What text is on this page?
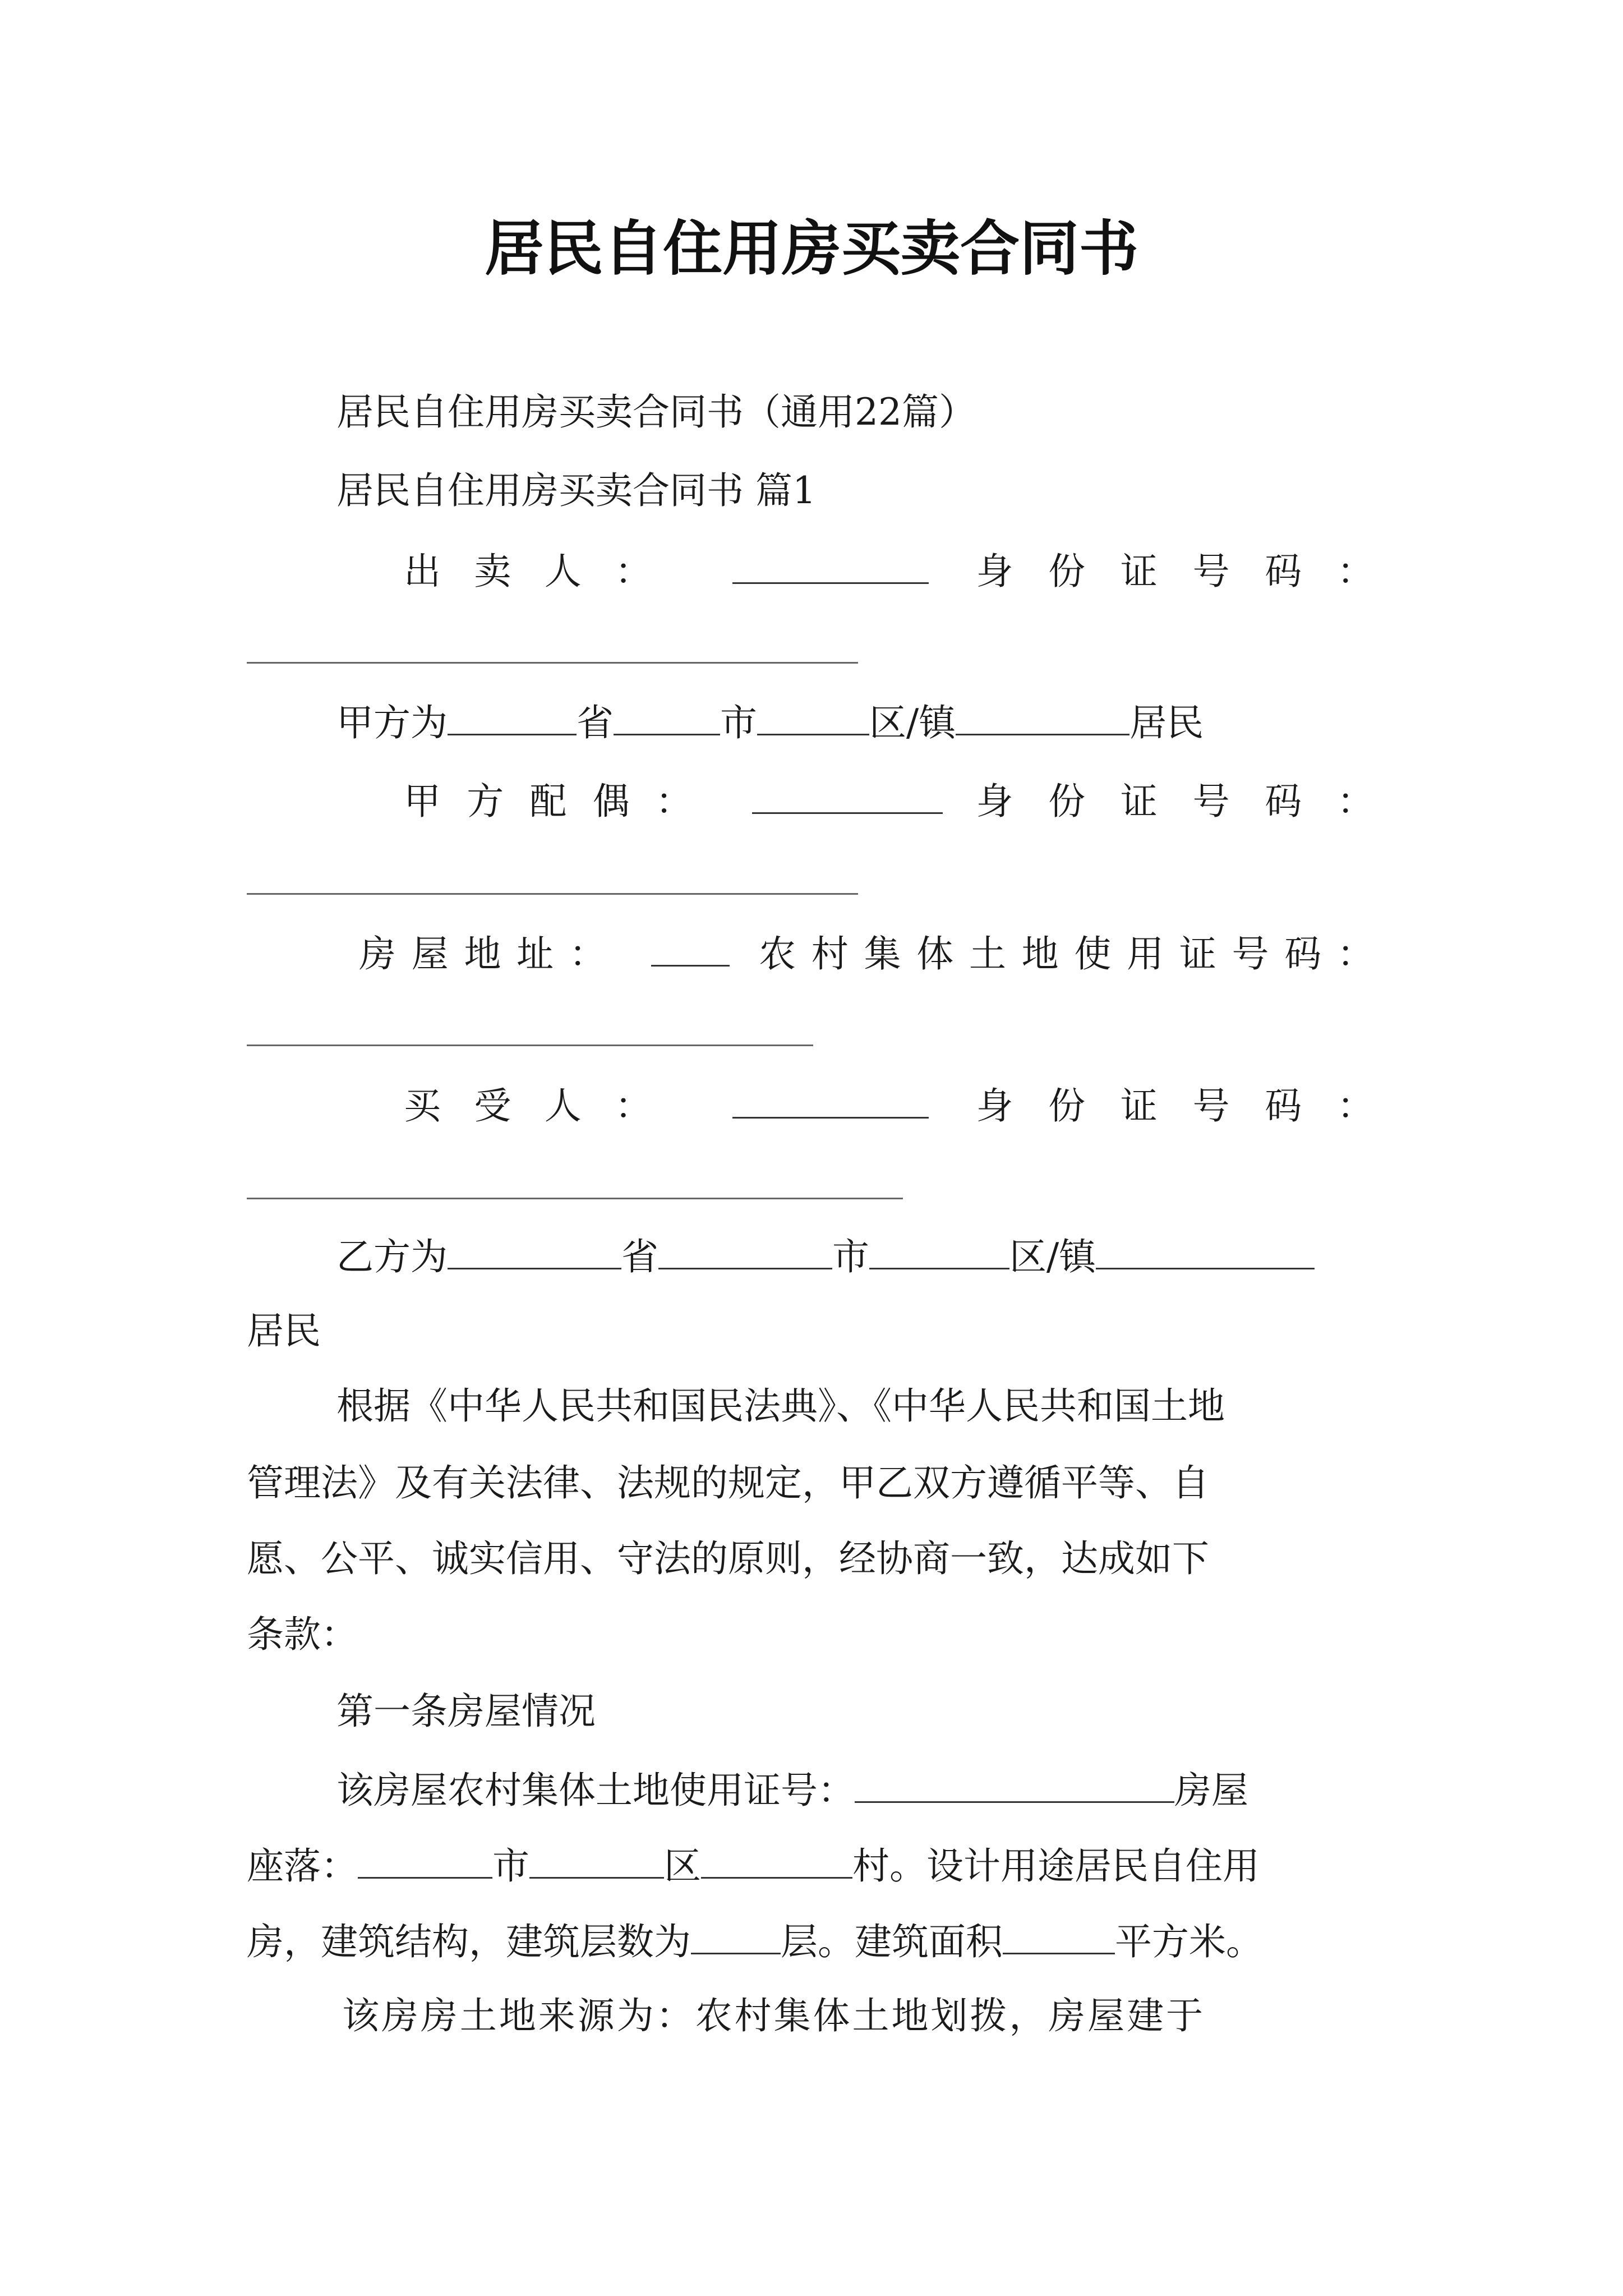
居民自住用房买卖合同书
居民自住用房买卖合同书（通用22篇）
居民自住用房买卖合同书 篇1
出卖人：	身份证号码：
甲方为	省	市	区/镇	居民
甲方配偶：	身份证号码：
房屋地址：	农村集体土地使用证号码：
买受人：	身份证号码：
乙方为	省	市	区/镇
居民
根据《中华人民共和国民法典》、《中华人民共和国土地
管理法》及有关法律、法规的规定，甲乙双方遵循平等、自
愿、公平、诚实信用、守法的原则，经协商一致，达成如下
条款：
第一条房屋情况
该房屋农村集体土地使用证号：	房屋
座落：	市	区	村。设计用途居民自住用
房，建筑结构，建筑层数为 层。建筑面积	平方米。
该房房土地来源为：农村集体土地划拨，房屋建于
